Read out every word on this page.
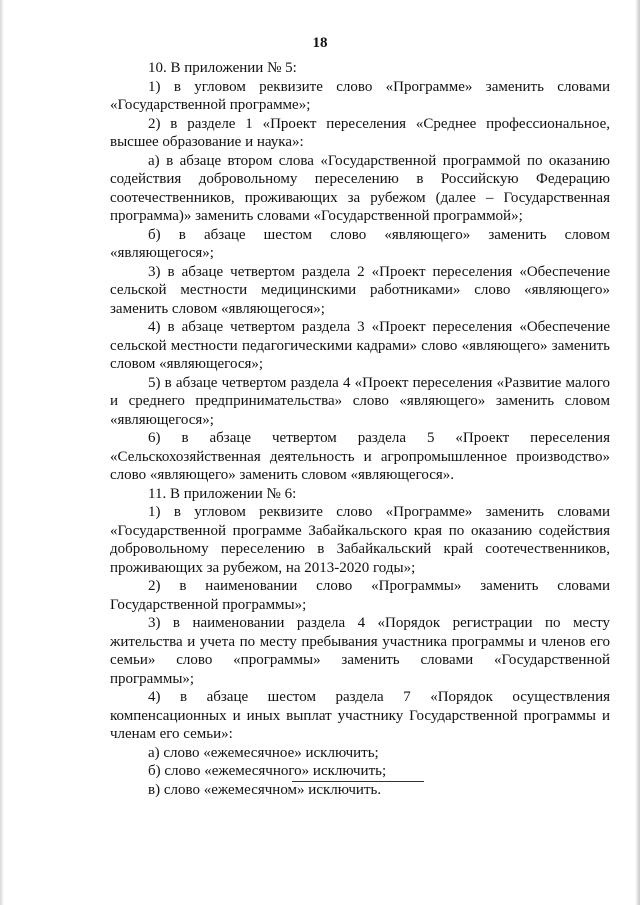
18

10. В приложении № 5:

1) в угловом реквизите слово «Программе» заменить словами «Государственной программе»;

2) в разделе 1 «Проект переселения «Среднее профессиональное, высшее образование и наука»:

а) в абзаце втором слова «Государственной программой по оказанию содействия добровольному переселению в Российскую Федерацию соотечественников, проживающих за рубежом (далее – Государственная программа)» заменить словами «Государственной программой»;

б) в абзаце шестом слово «являющего» заменить словом «являющегося»;

3) в абзаце четвертом раздела 2 «Проект переселения «Обеспечение сельской местности медицинскими работниками» слово «являющего» заменить словом «являющегося»;

4) в абзаце четвертом раздела 3 «Проект переселения «Обеспечение сельской местности педагогическими кадрами» слово «являющего» заменить словом «являющегося»;

5) в абзаце четвертом раздела 4 «Проект переселения «Развитие малого и среднего предпринимательства» слово «являющего» заменить словом «являющегося»;

6) в абзаце четвертом раздела 5 «Проект переселения «Сельскохозяйственная деятельность и агропромышленное производство» слово «являющего» заменить словом «являющегося».

11. В приложении № 6:

1) в угловом реквизите слово «Программе» заменить словами «Государственной программе Забайкальского края по оказанию содействия добровольному переселению в Забайкальский край соотечественников, проживающих за рубежом, на 2013-2020 годы»;

2) в наименовании слово «Программы» заменить словами Государственной программы»;

3) в наименовании раздела 4 «Порядок регистрации по месту жительства и учета по месту пребывания участника программы и членов его семьи» слово «программы» заменить словами «Государственной программы»;

4) в абзаце шестом раздела 7 «Порядок осуществления компенсационных и иных выплат участнику Государственной программы и членам его семьи»:

а) слово «ежемесячное» исключить;

б) слово «ежемесячного» исключить;

в) слово «ежемесячном» исключить.
